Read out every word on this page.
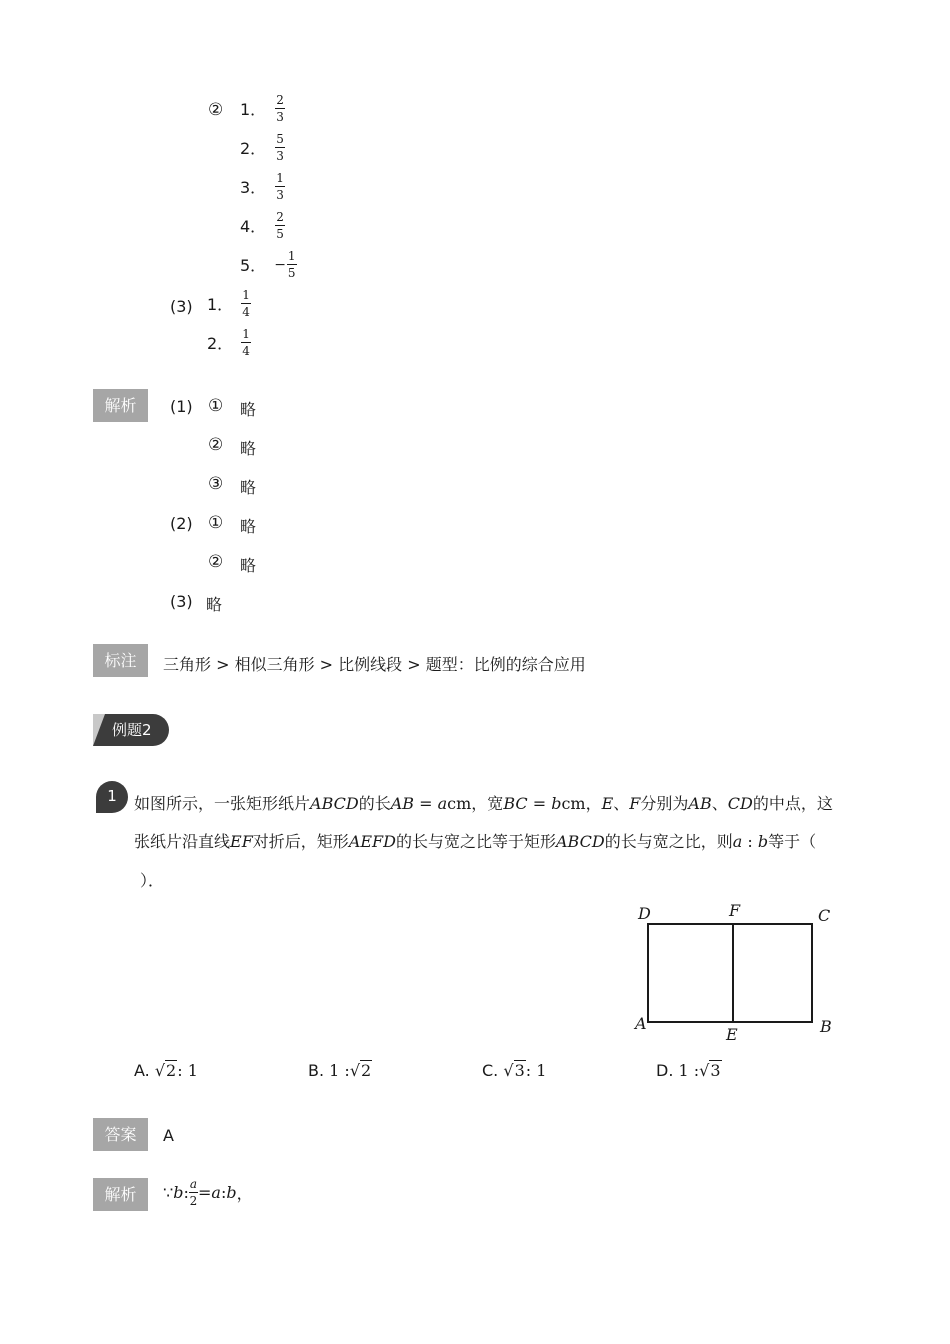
② 1． $\frac{2}{3}$
2． $\frac{5}{3}$
3． $\frac{1}{3}$
4． $\frac{2}{5}$
5． − $\frac{1}{5}$
(3) 1． $\frac{1}{4}$
2． $\frac{1}{4}$
解析	(1) ① 略
② 略
③ 略
(2) ① 略
② 略
(3) 略
标注	三角形 > 相似三角形 > 比例线段 > 题型：比例的综合应用
例题2
1	如图所示，一张矩形纸片ABCD的长AB = acm，宽BC = bcm，E、F分别为AB、CD的中点，这
张纸片沿直线EF对折后，矩形AEFD的长与宽之比等于矩形ABCD的长与宽之比，则a : b等于（
）．
D	F	C
A
E	B
A.
√2 : 1	B.
1 : √2	C.
√3 : 1	D.
1 : √3
答案	A
解析	∵ b : $\frac{a}{2} = a$ : b ，
